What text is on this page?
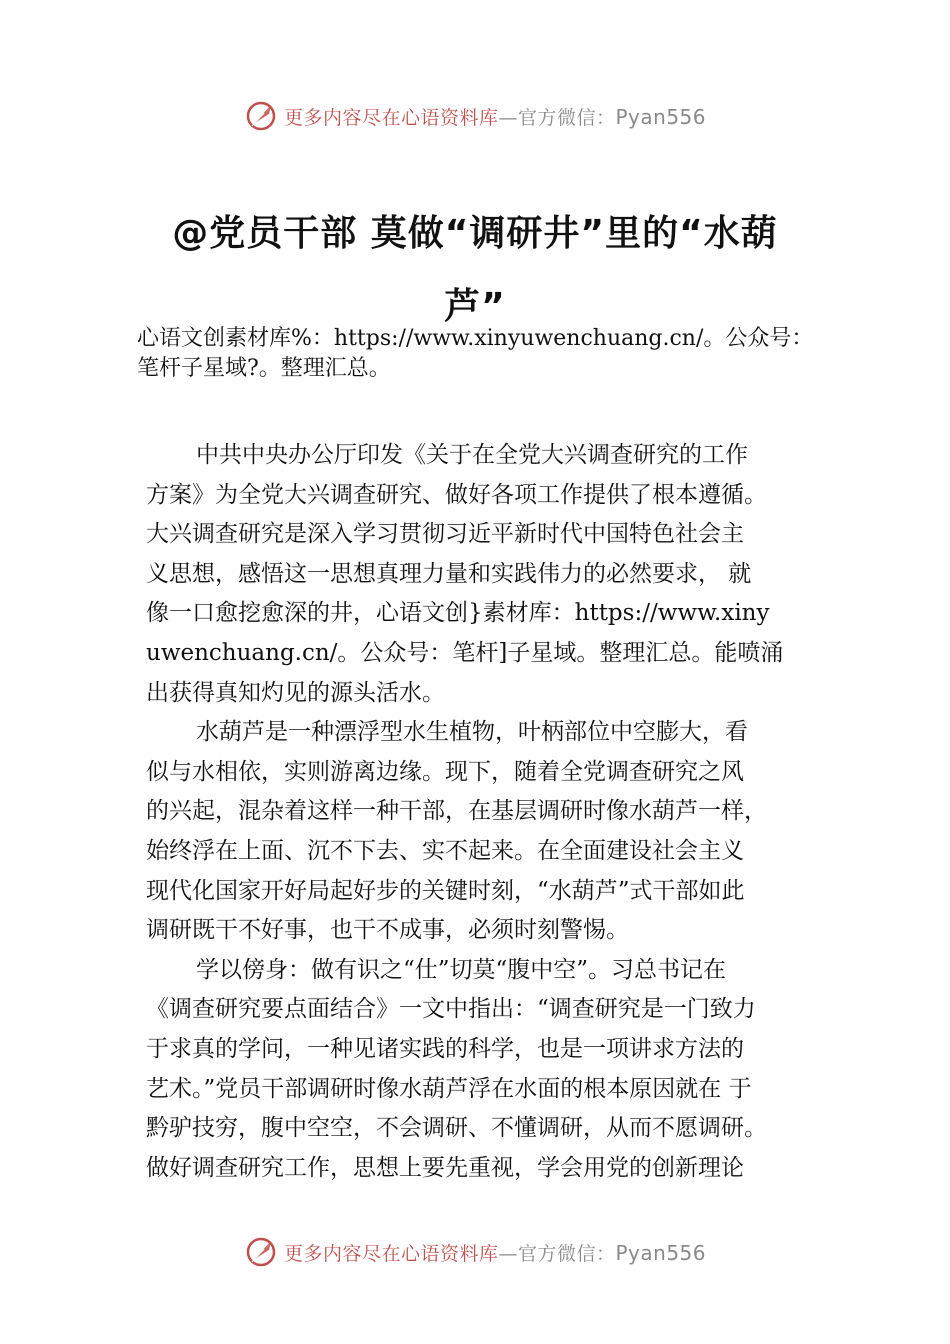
更多内容尽在心语资料库—官方微信：Pyan556
@党员干部 莫做“调研井”里的“水葫
芦”
心语文创素材库%：https://www.xinyuwenchuang.cn/。公众号：
笔杆子星域?。整理汇总。
中共中央办公厅印发《关于在全党大兴调查研究的工作
方案》为全党大兴调查研究、做好各项工作提供了根本遵循。
大兴调查研究是深入学习贯彻习近平新时代中国特色社会主
义思想，感悟这一思想真理力量和实践伟力的必然要求， 就
像一口愈挖愈深的井，心语文创}素材库：https://www.xiny
uwenchuang.cn/。公众号：笔杆]子星域。整理汇总。能喷涌
出获得真知灼见的源头活水。
水葫芦是一种漂浮型水生植物，叶柄部位中空膨大，看
似与水相依，实则游离边缘。现下，随着全党调查研究之风
的兴起，混杂着这样一种干部，在基层调研时像水葫芦一样，
始终浮在上面、沉不下去、实不起来。在全面建设社会主义
现代化国家开好局起好步的关键时刻，“水葫芦”式干部如此
调研既干不好事，也干不成事，必须时刻警惕。
学以傍身：做有识之“仕”切莫“腹中空”。习总书记在
《调查研究要点面结合》一文中指出：“调查研究是一门致力
于求真的学问，一种见诸实践的科学，也是一项讲求方法的
艺术。”党员干部调研时像水葫芦浮在水面的根本原因就在 于
黔驴技穷，腹中空空，不会调研、不懂调研，从而不愿调研。
做好调查研究工作，思想上要先重视，学会用党的创新理论
更多内容尽在心语资料库—官方微信：Pyan556
